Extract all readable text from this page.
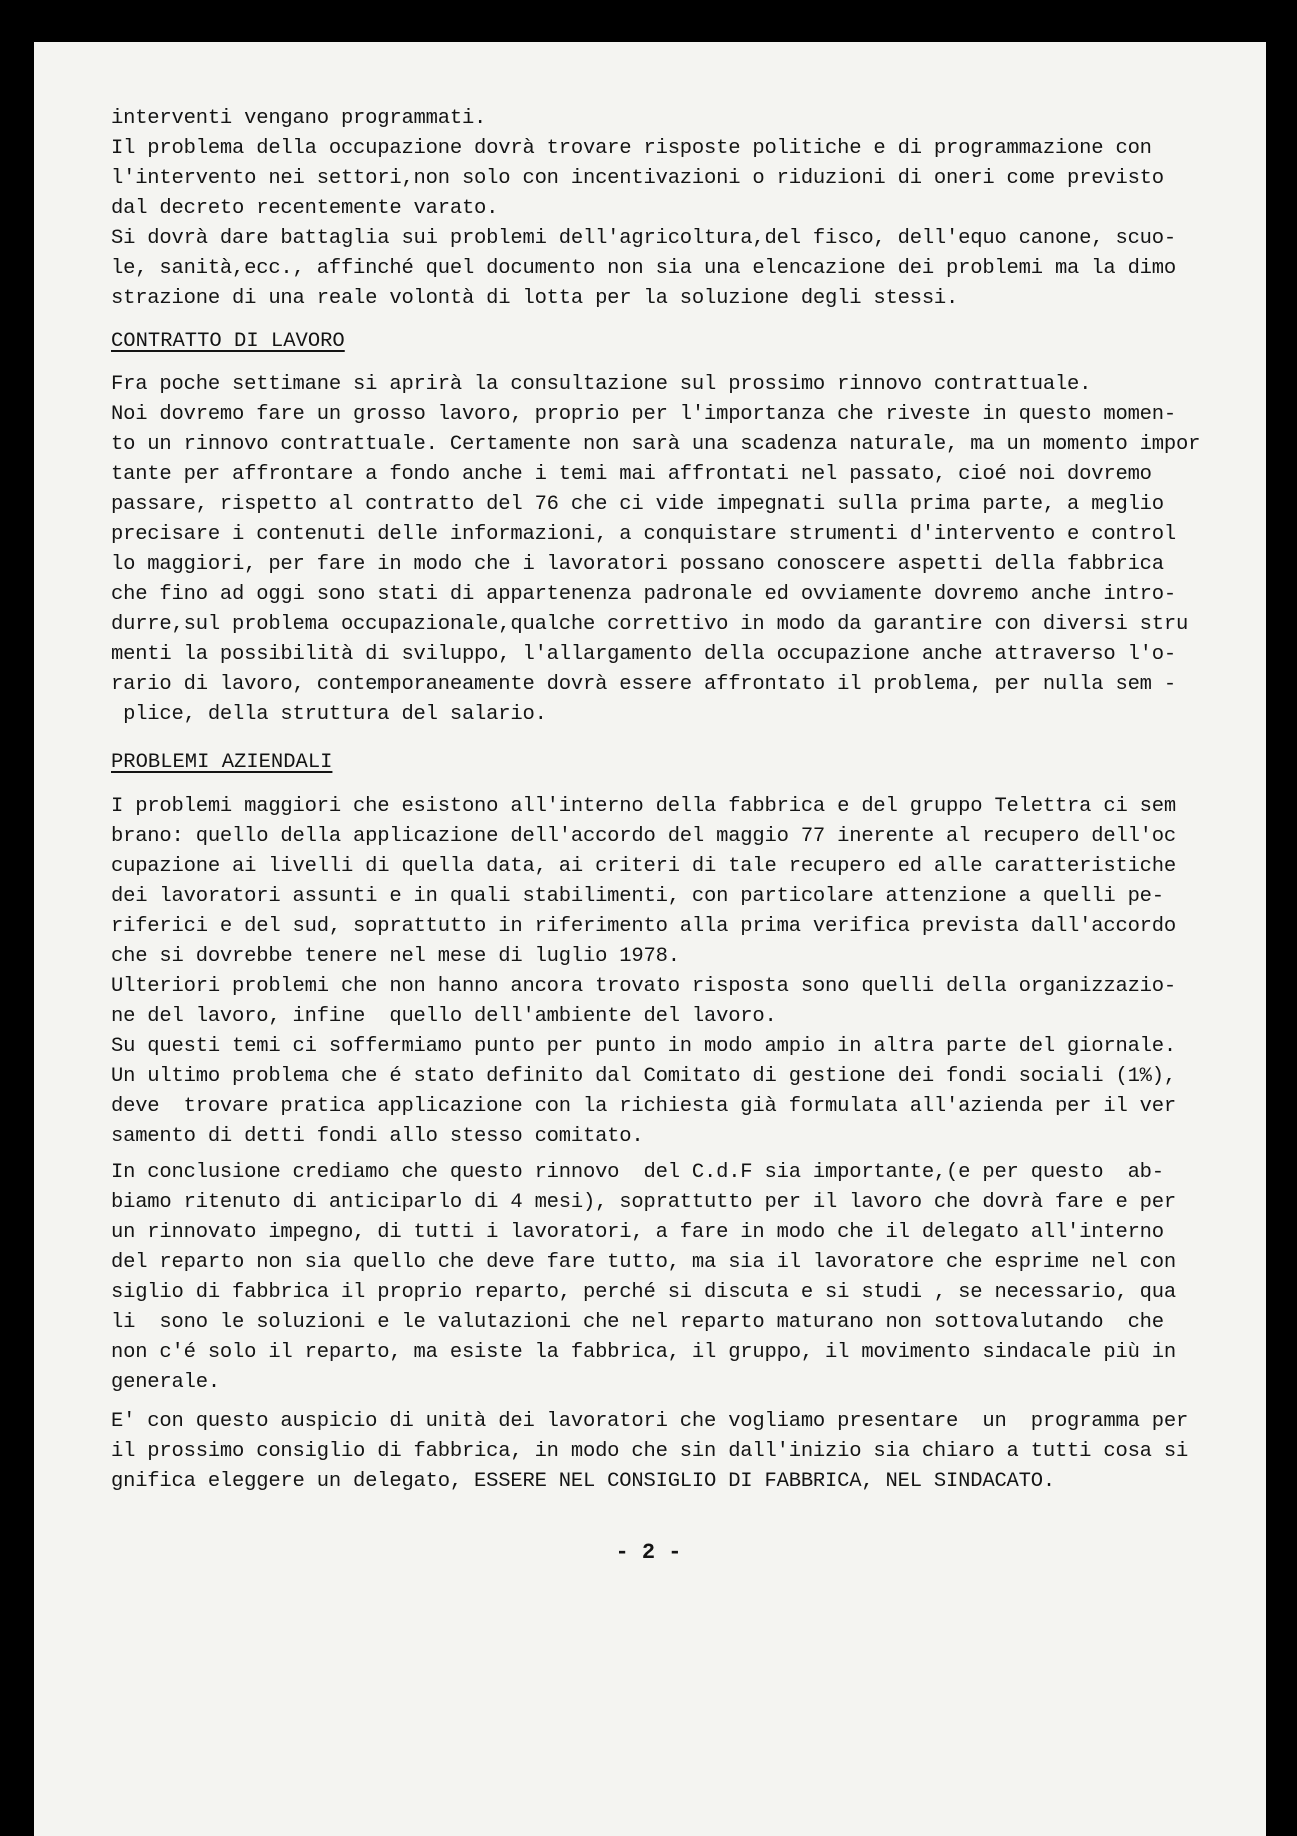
interventi vengano programmati.
Il problema della occupazione dovrà trovare risposte politiche e di programmazione con
l'intervento nei settori,non solo con incentivazioni o riduzioni di oneri come previsto
dal decreto recentemente varato.
Si dovrà dare battaglia sui problemi dell'agricoltura,del fisco, dell'equo canone, scuo-
le, sanità,ecc., affinché quel documento non sia una elencazione dei problemi ma la dimo
strazione di una reale volontà di lotta per la soluzione degli stessi.
CONTRATTO DI LAVORO
Fra poche settimane si aprirà la consultazione sul prossimo rinnovo contrattuale.
Noi dovremo fare un grosso lavoro, proprio per l'importanza che riveste in questo momen-
to un rinnovo contrattuale. Certamente non sarà una scadenza naturale, ma un momento impor
tante per affrontare a fondo anche i temi mai affrontati nel passato, cioé noi dovremo
passare, rispetto al contratto del 76 che ci vide impegnati sulla prima parte, a meglio
precisare i contenuti delle informazioni, a conquistare strumenti d'intervento e control
lo maggiori, per fare in modo che i lavoratori possano conoscere aspetti della fabbrica
che fino ad oggi sono stati di appartenenza padronale ed ovviamente dovremo anche intro-
durre,sul problema occupazionale,qualche correttivo in modo da garantire con diversi stru
menti la possibilità di sviluppo, l'allargamento della occupazione anche attraverso l'o-
rario di lavoro, contemporaneamente dovrà essere affrontato il problema, per nulla sem -
plice, della struttura del salario.
PROBLEMI AZIENDALI
I problemi maggiori che esistono all'interno della fabbrica e del gruppo Telettra ci sem
brano: quello della applicazione dell'accordo del maggio 77 inerente al recupero dell'oc
cupazione ai livelli di quella data, ai criteri di tale recupero ed alle caratteristiche
dei lavoratori assunti e in quali stabilimenti, con particolare attenzione a quelli pe-
riferici e del sud, soprattutto in riferimento alla prima verifica prevista dall'accordo
che si dovrebbe tenere nel mese di luglio 1978.
Ulteriori problemi che non hanno ancora trovato risposta sono quelli della organizzazio-
ne del lavoro, infine  quello dell'ambiente del lavoro.
Su questi temi ci soffermiamo punto per punto in modo ampio in altra parte del giornale.
Un ultimo problema che é stato definito dal Comitato di gestione dei fondi sociali (1%),
deve  trovare pratica applicazione con la richiesta già formulata all'azienda per il ver
samento di detti fondi allo stesso comitato.
In conclusione crediamo che questo rinnovo  del C.d.F sia importante,(e per questo  ab-
biamo ritenuto di anticiparlo di 4 mesi), soprattutto per il lavoro che dovrà fare e per
un rinnovato impegno, di tutti i lavoratori, a fare in modo che il delegato all'interno
del reparto non sia quello che deve fare tutto, ma sia il lavoratore che esprime nel con
siglio di fabbrica il proprio reparto, perché si discuta e si studi , se necessario, qua
li  sono le soluzioni e le valutazioni che nel reparto maturano non sottovalutando  che
non c'é solo il reparto, ma esiste la fabbrica, il gruppo, il movimento sindacale più in
generale.
E' con questo auspicio di unità dei lavoratori che vogliamo presentare  un  programma per
il prossimo consiglio di fabbrica, in modo che sin dall'inizio sia chiaro a tutti cosa si
gnifica eleggere un delegato, ESSERE NEL CONSIGLIO DI FABBRICA, NEL SINDACATO.
- 2 -
